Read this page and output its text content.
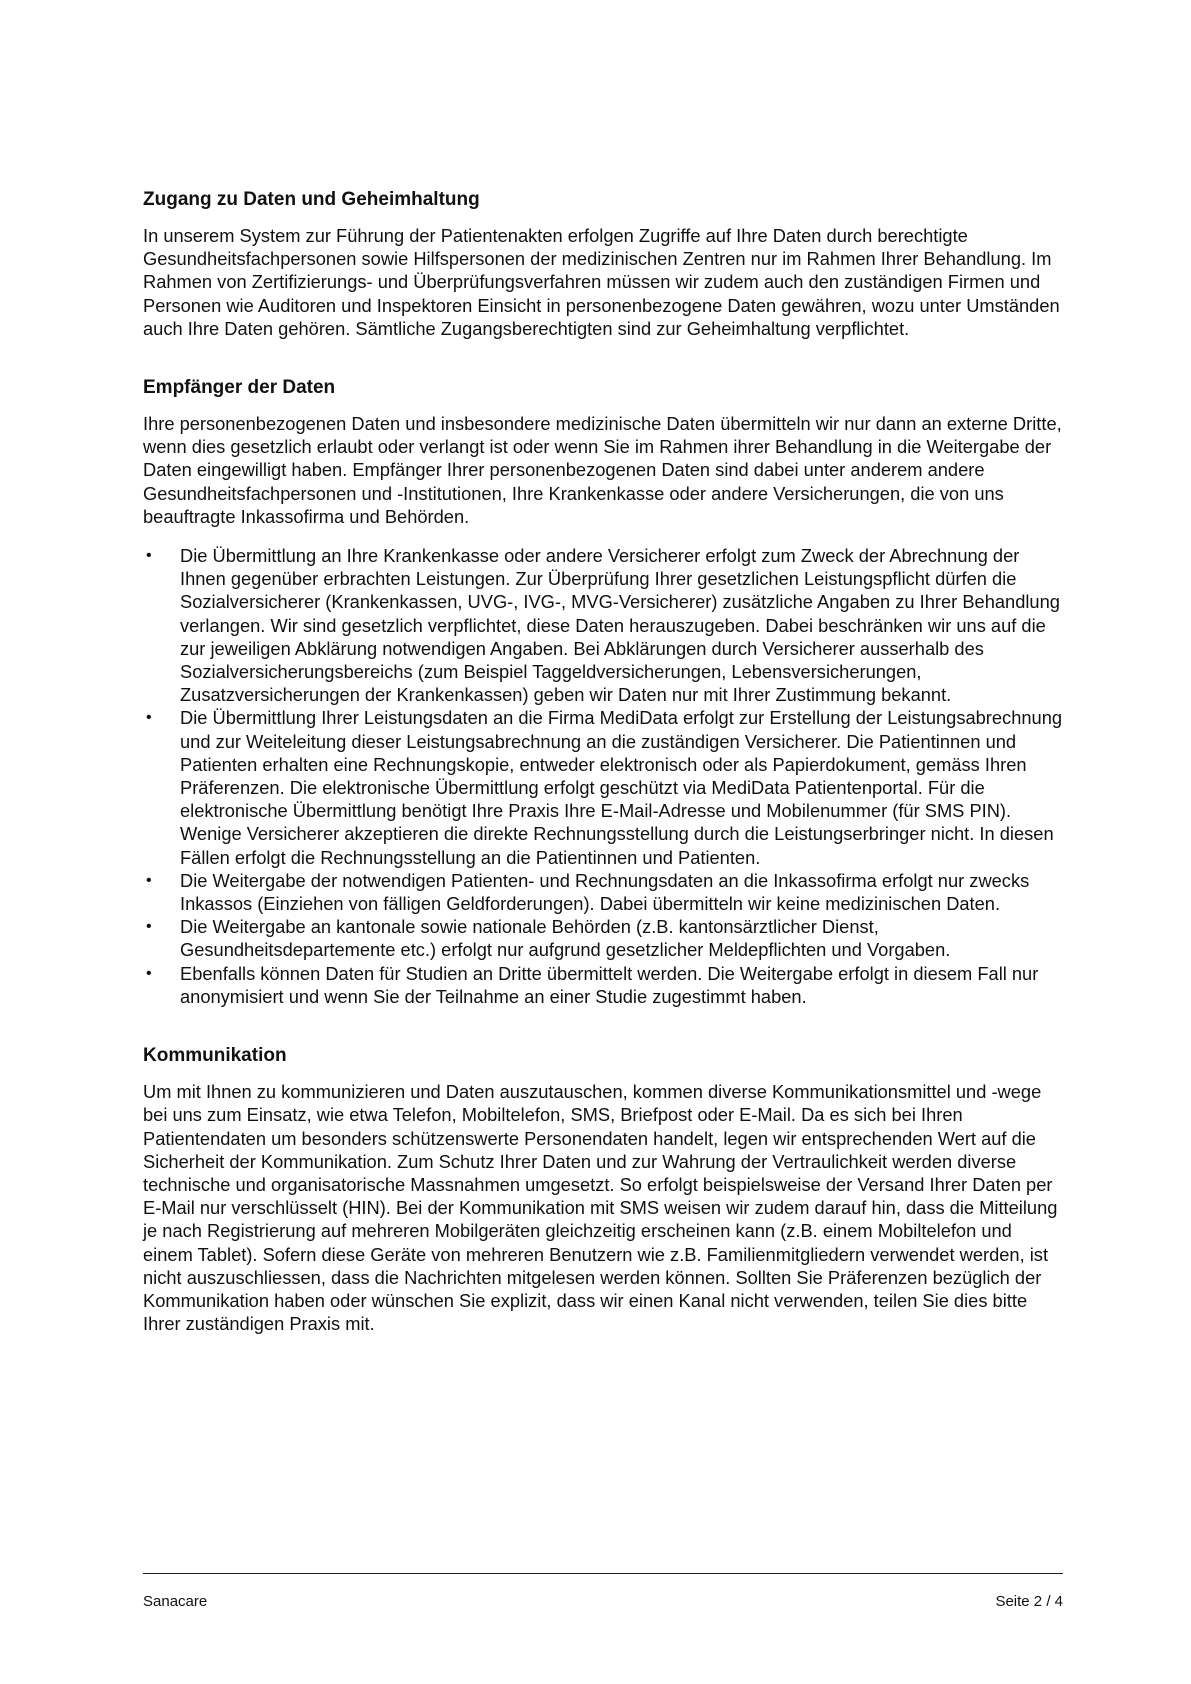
Zugang zu Daten und Geheimhaltung

In unserem System zur Führung der Patientenakten erfolgen Zugriffe auf Ihre Daten durch berechtigte Gesundheitsfachpersonen sowie Hilfspersonen der medizinischen Zentren nur im Rahmen Ihrer Behandlung. Im Rahmen von Zertifizierungs- und Überprüfungsverfahren müssen wir zudem auch den zuständigen Firmen und Personen wie Auditoren und Inspektoren Einsicht in personenbezogene Daten gewähren, wozu unter Umständen auch Ihre Daten gehören. Sämtliche Zugangsberechtigten sind zur Geheimhaltung verpflichtet.

Empfänger der Daten

Ihre personenbezogenen Daten und insbesondere medizinische Daten übermitteln wir nur dann an externe Dritte, wenn dies gesetzlich erlaubt oder verlangt ist oder wenn Sie im Rahmen ihrer Behandlung in die Weitergabe der Daten eingewilligt haben. Empfänger Ihrer personenbezogenen Daten sind dabei unter anderem andere Gesundheitsfachpersonen und -Institutionen, Ihre Krankenkasse oder andere Versicherungen, die von uns beauftragte Inkassofirma und Behörden.

• Die Übermittlung an Ihre Krankenkasse oder andere Versicherer erfolgt zum Zweck der Abrechnung der Ihnen gegenüber erbrachten Leistungen. Zur Überprüfung Ihrer gesetzlichen Leistungspflicht dürfen die Sozialversicherer (Krankenkassen, UVG-, IVG-, MVG-Versicherer) zusätzliche Angaben zu Ihrer Behandlung verlangen. Wir sind gesetzlich verpflichtet, diese Daten herauszugeben. Dabei beschränken wir uns auf die zur jeweiligen Abklärung notwendigen Angaben. Bei Abklärungen durch Versicherer ausserhalb des Sozialversicherungsbereichs (zum Beispiel Taggeldversicherungen, Lebensversicherungen, Zusatzversicherungen der Krankenkassen) geben wir Daten nur mit Ihrer Zustimmung bekannt.
• Die Übermittlung Ihrer Leistungsdaten an die Firma MediData erfolgt zur Erstellung der Leistungsabrechnung und zur Weiteleitung dieser Leistungsabrechnung an die zuständigen Versicherer. Die Patientinnen und Patienten erhalten eine Rechnungskopie, entweder elektronisch oder als Papierdokument, gemäss Ihren Präferenzen. Die elektronische Übermittlung erfolgt geschützt via MediData Patientenportal. Für die elektronische Übermittlung benötigt Ihre Praxis Ihre E-Mail-Adresse und Mobilenummer (für SMS PIN). Wenige Versicherer akzeptieren die direkte Rechnungsstellung durch die Leistungserbringer nicht. In diesen Fällen erfolgt die Rechnungsstellung an die Patientinnen und Patienten.
• Die Weitergabe der notwendigen Patienten- und Rechnungsdaten an die Inkassofirma erfolgt nur zwecks Inkassos (Einziehen von fälligen Geldforderungen). Dabei übermitteln wir keine medizinischen Daten.
• Die Weitergabe an kantonale sowie nationale Behörden (z.B. kantonsärztlicher Dienst, Gesundheitsdepartemente etc.) erfolgt nur aufgrund gesetzlicher Meldepflichten und Vorgaben.
• Ebenfalls können Daten für Studien an Dritte übermittelt werden. Die Weitergabe erfolgt in diesem Fall nur anonymisiert und wenn Sie der Teilnahme an einer Studie zugestimmt haben.
Kommunikation

Um mit Ihnen zu kommunizieren und Daten auszutauschen, kommen diverse Kommunikationsmittel und -wege bei uns zum Einsatz, wie etwa Telefon, Mobiltelefon, SMS, Briefpost oder E-Mail. Da es sich bei Ihren Patientendaten um besonders schützenswerte Personendaten handelt, legen wir entsprechenden Wert auf die Sicherheit der Kommunikation. Zum Schutz Ihrer Daten und zur Wahrung der Vertraulichkeit werden diverse technische und organisatorische Massnahmen umgesetzt. So erfolgt beispielsweise der Versand Ihrer Daten per E-Mail nur verschlüsselt (HIN). Bei der Kommunikation mit SMS weisen wir zudem darauf hin, dass die Mitteilung je nach Registrierung auf mehreren Mobilgeräten gleichzeitig erscheinen kann (z.B. einem Mobiltelefon und einem Tablet). Sofern diese Geräte von mehreren Benutzern wie z.B. Familienmitgliedern verwendet werden, ist nicht auszuschliessen, dass die Nachrichten mitgelesen werden können. Sollten Sie Präferenzen bezüglich der Kommunikation haben oder wünschen Sie explizit, dass wir einen Kanal nicht verwenden, teilen Sie dies bitte Ihrer zuständigen Praxis mit.

Sanacare	Seite 2 / 4
